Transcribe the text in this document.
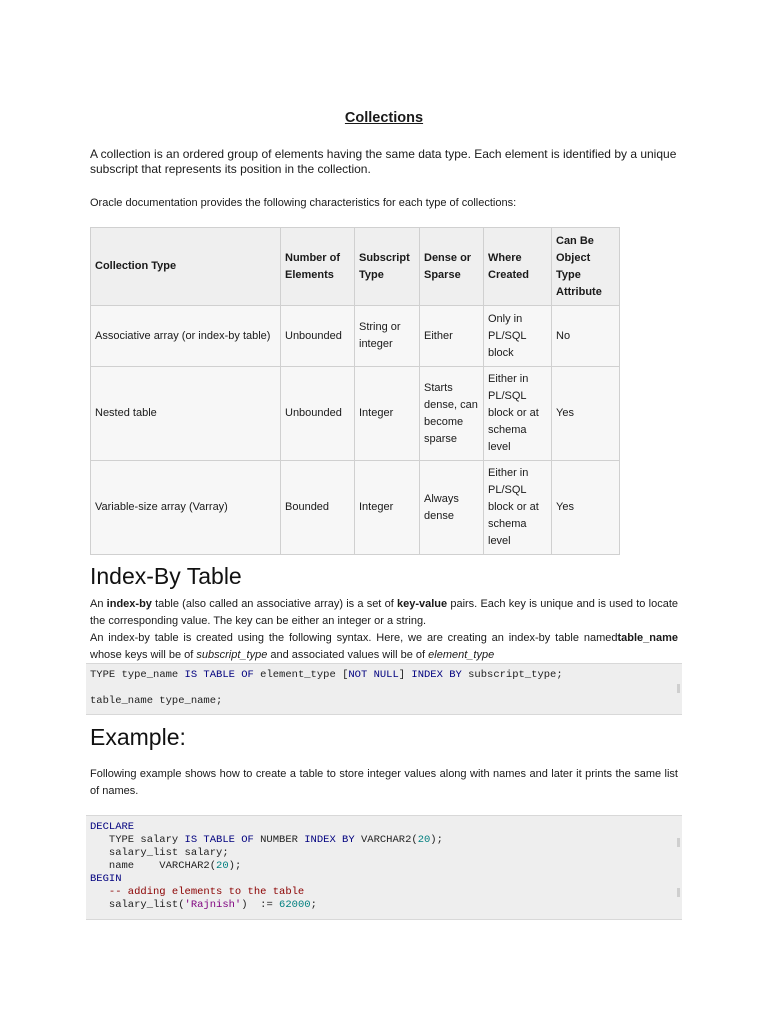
Collections
A collection is an ordered group of elements having the same data type. Each element is identified by a unique subscript that represents its position in the collection.
Oracle documentation provides the following characteristics for each type of collections:
Collection Type	Number of Elements	Subscript Type	Dense or Sparse	Where Created	Can Be Object Type Attribute
Associative array (or index-by table)	Unbounded	String or integer	Either	Only in PL/SQL block	No
Nested table	Unbounded	Integer	Starts dense, can become sparse	Either in PL/SQL block or at schema level	Yes
Variable-size array (Varray)	Bounded	Integer	Always dense	Either in PL/SQL block or at schema level	Yes
Index-By Table
An index-by table (also called an associative array) is a set of key-value pairs. Each key is unique and is used to locate the corresponding value. The key can be either an integer or a string.
An index-by table is created using the following syntax. Here, we are creating an index-by table namedtable_name whose keys will be of subscript_type and associated values will be of element_type

TYPE type_name IS TABLE OF element_type [NOT NULL] INDEX BY subscript_type;
table_name type_name;
Example:
Following example shows how to create a table to store integer values along with names and later it prints the same list of names.

DECLARE
TYPE salary IS TABLE OF NUMBER INDEX BY VARCHAR2(20);
salary_list salary;
name    VARCHAR2(20);
BEGIN
-- adding elements to the table
salary_list('Rajnish')  := 62000;
